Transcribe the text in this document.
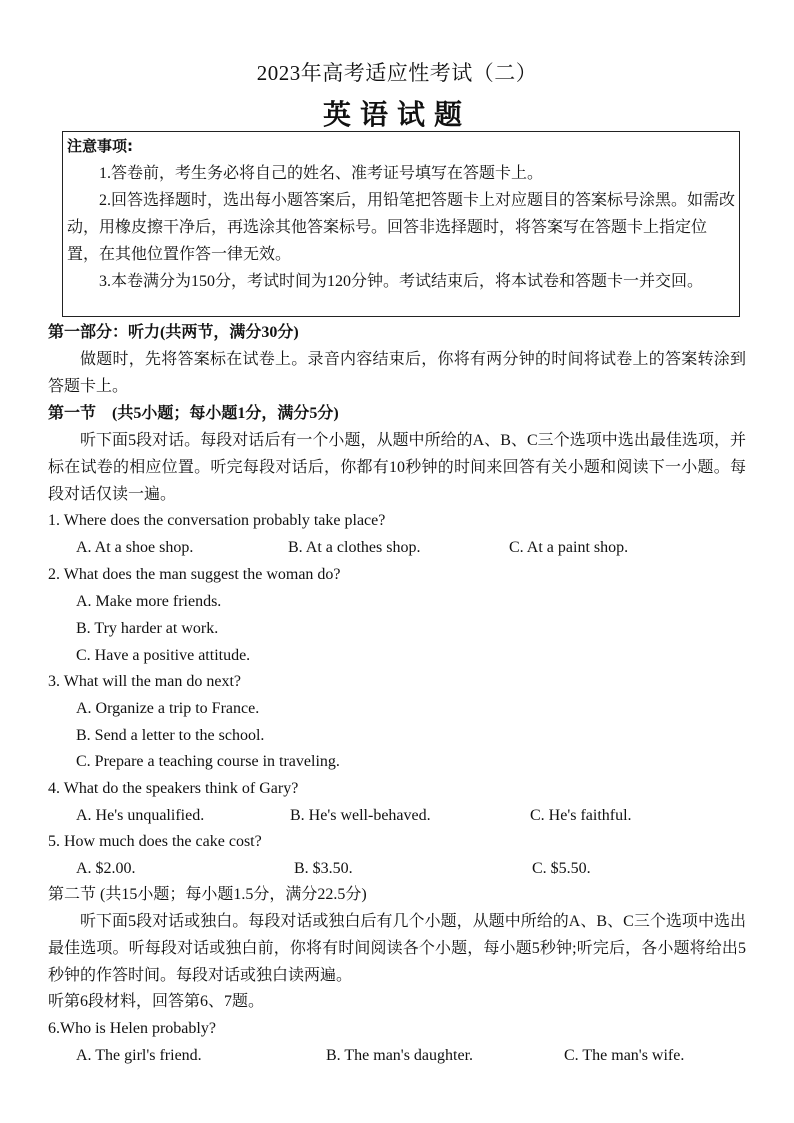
2023年高考适应性考试（二）
英语试题
注意事项:

1.答卷前，考生务必将自己的姓名、准考证号填写在答题卡上。

2.回答选择题时，选出每小题答案后，用铅笔把答题卡上对应题目的答案标号涂黑。如需改动，用橡皮擦干净后，再选涂其他答案标号。回答非选择题时，将答案写在答题卡上指定位置，在其他位置作答一律无效。

3.本卷满分为150分，考试时间为120分钟。考试结束后，将本试卷和答题卡一并交回。

第一部分：听力(共两节，满分30分)
做题时，先将答案标在试卷上。录音内容结束后，你将有两分钟的时间将试卷上的答案转涂到答题卡上。
第一节　(共5小题；每小题1分，满分5分)
听下面5段对话。每段对话后有一个小题，从题中所给的A、B、C三个选项中选出最佳选项，并标在试卷的相应位置。听完每段对话后，你都有10秒钟的时间来回答有关小题和阅读下一小题。每段对话仅读一遍。
1. Where does the conversation probably take place?
A. At a shoe shop.	B. At a clothes shop.	C. At a paint shop.
2. What does the man suggest the woman do?
A. Make more friends.
B. Try harder at work.
C. Have a positive attitude.
3. What will the man do next?
A. Organize a trip to France.
B. Send a letter to the school.
C. Prepare a teaching course in traveling.
4. What do the speakers think of Gary?
A. He's unqualified.	B. He's well-behaved.	C. He's faithful.
5. How much does the cake cost?
A. $2.00.	B. $3.50.	C. $5.50.
第二节 (共15小题；每小题1.5分，满分22.5分)
听下面5段对话或独白。每段对话或独白后有几个小题，从题中所给的A、B、C三个选项中选出最佳选项。听每段对话或独白前，你将有时间阅读各个小题，每小题5秒钟;听完后，各小题将给出5秒钟的作答时间。每段对话或独白读两遍。
听第6段材料，回答第6、7题。
6.Who is Helen probably?
A. The girl's friend.	B. The man's daughter.	C. The man's wife.
